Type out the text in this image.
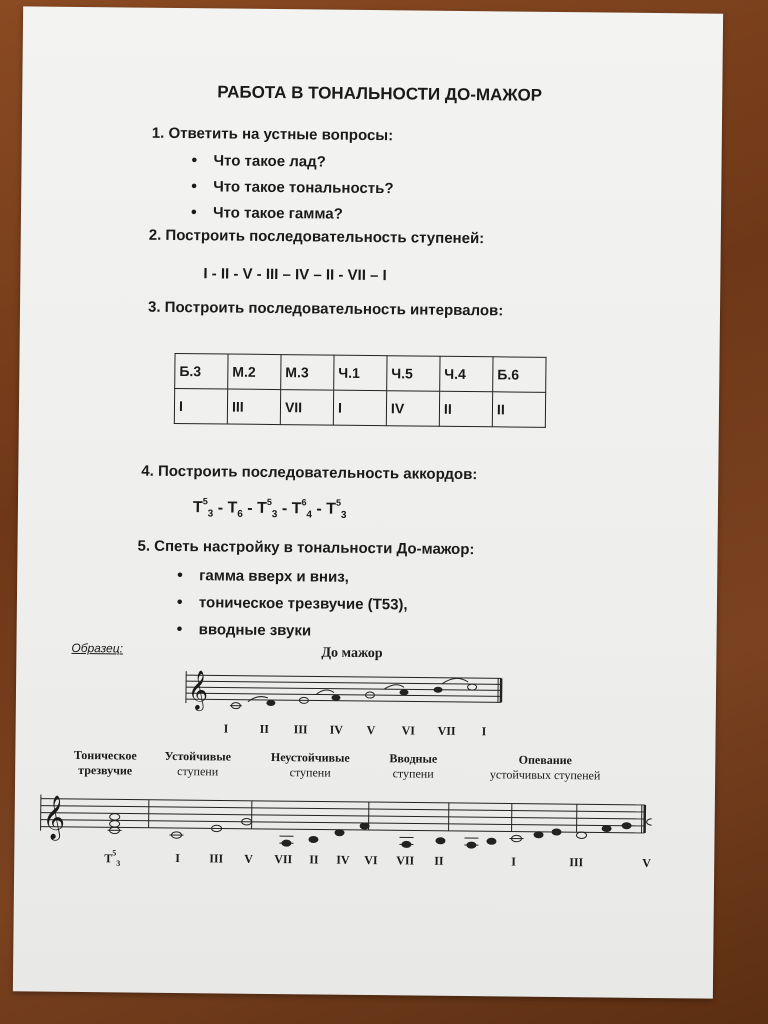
РАБОТА В ТОНАЛЬНОСТИ ДО-МАЖОР
1. Ответить на устные вопросы:
• Что такое лад?
• Что такое тональность?
• Что такое гамма?
2. Построить последовательность ступеней:
I - II - V - III – IV – II - VII – I
3. Построить последовательность интервалов:
Б.3	М.2	М.3	Ч.1	Ч.5	Ч.4	Б.6
I	III	VII	I	IV	II	II
4. Построить последовательность аккордов:
$T^5_3 - T_6 - T^5_3 - T^6_4 - T^5_3$
5. Спеть настройку в тональности До-мажор:
• гамма вверх и вниз,
• тоническое трезвучие (Т53),
• вводные звуки
Образец:	До мажор
𝄞
I	II III IV V VI VII I
Тоническое
трезвучие
Устойчивые
ступени
Неустойчивые
ступени
Вводные
ступени
Опевание
устойчивых ступеней
𝄞
$T^5_3$	I III V VII II IV VI VII II	I	III	V
